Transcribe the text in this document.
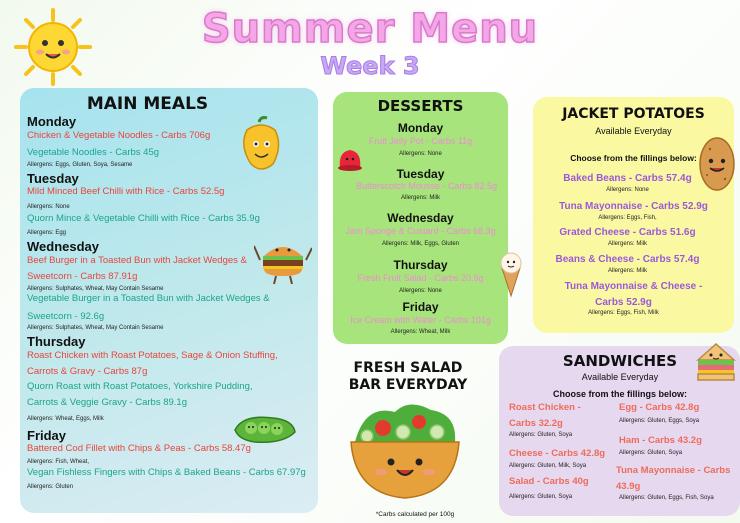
Summer Menu
Week 3
MAIN MEALS
Monday
Chicken & Vegetable Noodles - Carbs 706g
Vegetable Noodles - Carbs 45g
Allergens: Eggs, Gluten, Soya, Sesame
Tuesday
Mild Minced Beef Chilli with Rice - Carbs 52.5g
Allergens: None
Quorn Mince & Vegetable Chilli with Rice - Carbs 35.9g
Allergens: Egg
Wednesday
Beef Burger in a Toasted Bun with Jacket Wedges &
Sweetcorn - Carbs 87.91g
Allergens: Sulphates, Wheat, May Contain Sesame
Vegetable Burger in a Toasted Bun with Jacket Wedges &
Sweetcorn - 92.6g
Allergens: Sulphates, Wheat, May Contain Sesame
Thursday
Roast Chicken with Roast Potatoes, Sage & Onion Stuffing,
Carrots & Gravy - Carbs 87g
Quorn Roast with Roast Potatoes, Yorkshire Pudding,
Carrots & Veggie Gravy - Carbs 89.1g
Allergens: Wheat, Eggs, Milk
Friday
Battered Cod Fillet with Chips & Peas - Carbs 58.47g
Allergens: Fish, Wheat,
Vegan Fishless Fingers with Chips & Baked Beans - Carbs 67.97g
Allergens: Gluten
DESSERTS
Monday
Fruit Jelly Pot - Carbs 11g
Allergens: None
Tuesday
Butterscotch Mousse - Carbs 82.5g
Allergens: Milk
Wednesday
Jam Sponge & Custard - Carbs 68.3g
Allergens: Milk, Eggs, Gluten
Thursday
Fresh Fruit Salad - Carbs 20.9g
Allergens: None
Friday
Ice Cream with Water - Carbs 101g
Allergens: Wheat, Milk
JACKET POTATOES
Available Everyday
Choose from the fillings below:
Baked Beans - Carbs 57.4g
Allergens: None
Tuna Mayonnaise - Carbs 52.9g
Allergens: Eggs, Fish,
Grated Cheese - Carbs 51.6g
Allergens: Milk
Beans & Cheese - Carbs 57.4g
Allergens: Milk
Tuna Mayonnaise & Cheese -
Carbs 52.9g
Allergens: Eggs, Fish, Milk
FRESH SALAD
BAR EVERYDAY
*Carbs calculated per 100g
SANDWICHES
Available Everyday
Choose from the fillings below:
Roast Chicken -
Carbs 32.2g
Allergens: Gluten, Soya
Cheese - Carbs 42.8g
Allergens: Gluten, Milk, Soya
Salad - Carbs 40g
Allergens: Gluten, Soya
Egg - Carbs 42.8g
Allergens: Gluten, Eggs, Soya
Ham - Carbs 43.2g
Allergens: Gluten, Soya
Tuna Mayonnaise - Carbs
43.9g
Allergens: Gluten, Eggs, Fish, Soya
